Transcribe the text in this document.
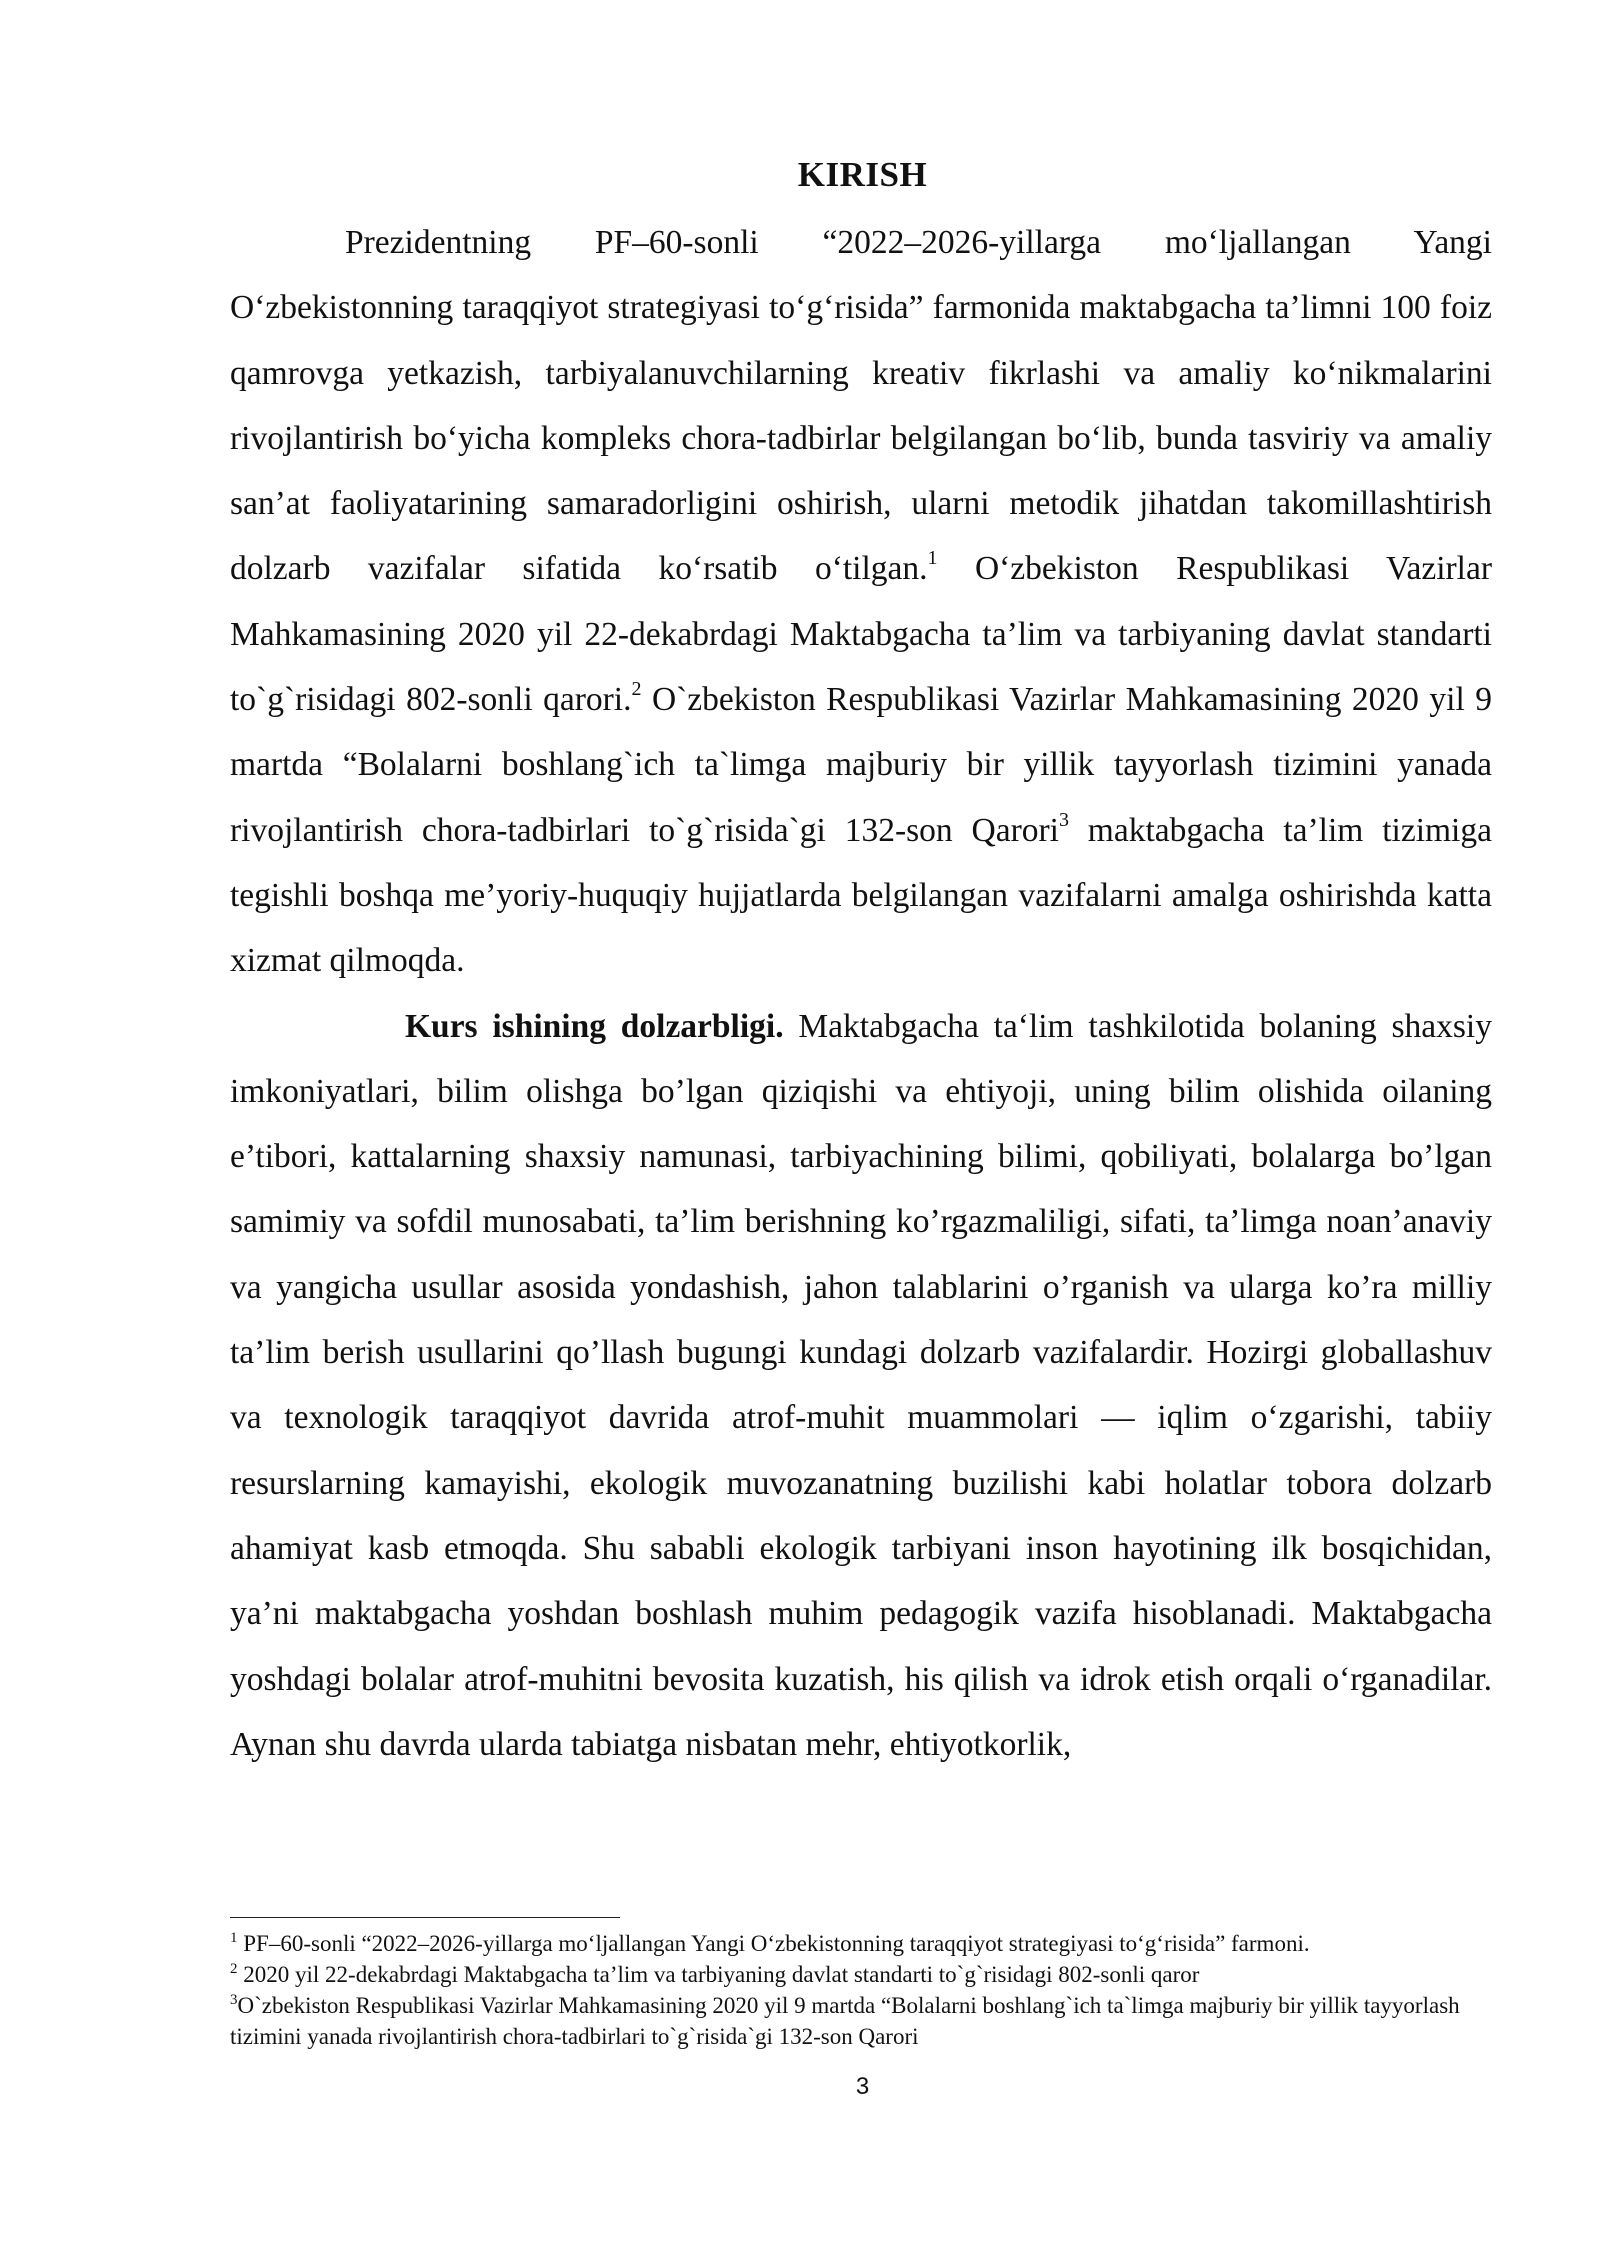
KIRISH

Prezidentning PF–60-sonli “2022–2026-yillarga mo‘ljallangan Yangi O‘zbekistonning taraqqiyot strategiyasi to‘g‘risida” farmonida maktabgacha ta’limni 100 foiz qamrovga yetkazish, tarbiyalanuvchilarning kreativ fikrlashi va amaliy ko‘nikmalarini rivojlantirish bo‘yicha kompleks chora-tadbirlar belgilangan bo‘lib, bunda tasviriy va amaliy san’at faoliyatarining samaradorligini oshirish, ularni metodik jihatdan takomillashtirish dolzarb vazifalar sifatida ko‘rsatib o‘tilgan.$^1$ O‘zbekiston Respublikasi Vazirlar Mahkamasining 2020 yil 22-dekabrdagi Maktabgacha ta’lim va tarbiyaning davlat standarti to`g`risidagi 802-sonli qarori.$^2$ O`zbekiston Respublikasi Vazirlar Mahkamasining 2020 yil 9 martda “Bolalarni boshlang`ich ta`limga majburiy bir yillik tayyorlash tizimini yanada rivojlantirish chora-tadbirlari to`g`risida`gi 132-son Qarori$^3$ maktabgacha ta’lim tizimiga tegishli boshqa me’yoriy-huquqiy hujjatlarda belgilangan vazifalarni amalga oshirishda katta xizmat qilmoqda.

Kurs ishining dolzarbligi. Maktabgacha ta‘lim tashkilotida bolaning shaxsiy imkoniyatlari, bilim olishga bo’lgan qiziqishi va ehtiyoji, uning bilim olishida oilaning e’tibori, kattalarning shaxsiy namunasi, tarbiyachining bilimi, qobiliyati, bolalarga bo’lgan samimiy va sofdil munosabati, ta’lim berishning ko’rgazmaliligi, sifati, ta’limga noan’anaviy va yangicha usullar asosida yondashish, jahon talablarini o’rganish va ularga ko’ra milliy ta’lim berish usullarini qo’llash bugungi kundagi dolzarb vazifalardir. Hozirgi globallashuv va texnologik taraqqiyot davrida atrof-muhit muammolari — iqlim o‘zgarishi, tabiiy resurslarning kamayishi, ekologik muvozanatning buzilishi kabi holatlar tobora dolzarb ahamiyat kasb etmoqda. Shu sababli ekologik tarbiyani inson hayotining ilk bosqichidan, ya’ni maktabgacha yoshdan boshlash muhim pedagogik vazifa hisoblanadi. Maktabgacha yoshdagi bolalar atrof-muhitni bevosita kuzatish, his qilish va idrok etish orqali o‘rganadilar. Aynan shu davrda ularda tabiatga nisbatan mehr, ehtiyotkorlik,

$^1$ PF–60-sonli “2022–2026-yillarga mo‘ljallangan Yangi O‘zbekistonning taraqqiyot strategiyasi to‘g‘risida” farmoni.

$^2$ 2020 yil 22-dekabrdagi Maktabgacha ta’lim va tarbiyaning davlat standarti to`g`risidagi 802-sonli qaror

$^3$O`zbekiston Respublikasi Vazirlar Mahkamasining 2020 yil 9 martda “Bolalarni boshlang`ich ta`limga majburiy bir yillik tayyorlash tizimini yanada rivojlantirish chora-tadbirlari to`g`risida`gi 132-son Qarori

3
